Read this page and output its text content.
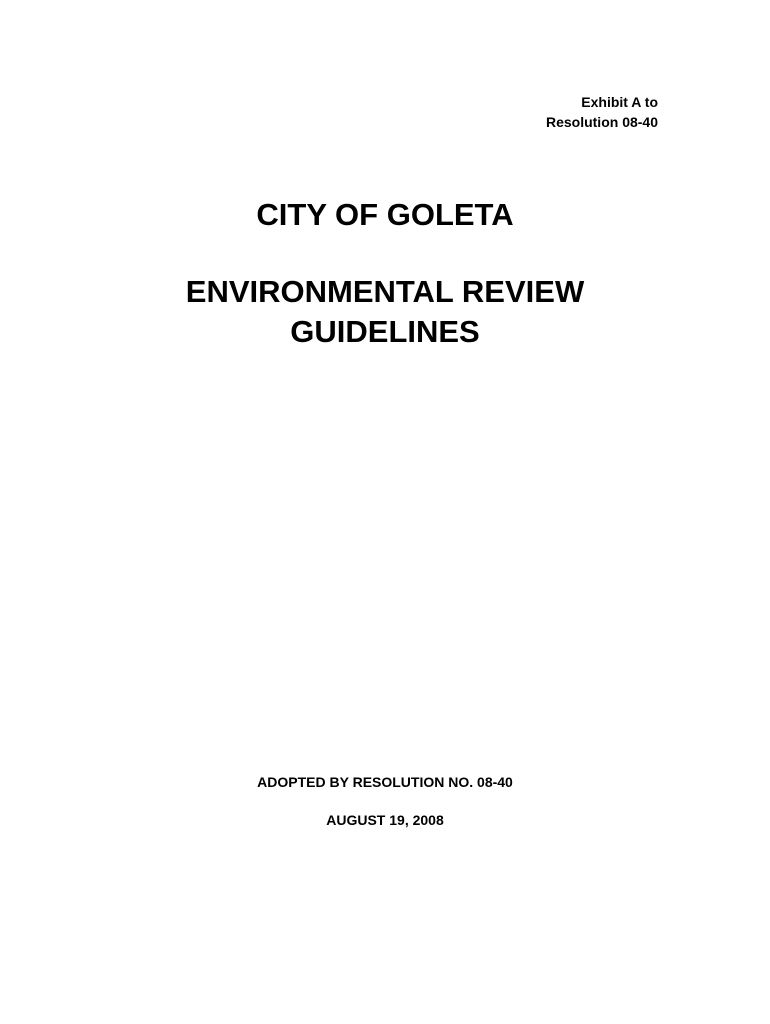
Exhibit A to
Resolution 08-40
CITY OF GOLETA
ENVIRONMENTAL REVIEW
GUIDELINES
ADOPTED BY RESOLUTION NO. 08-40
AUGUST 19, 2008
